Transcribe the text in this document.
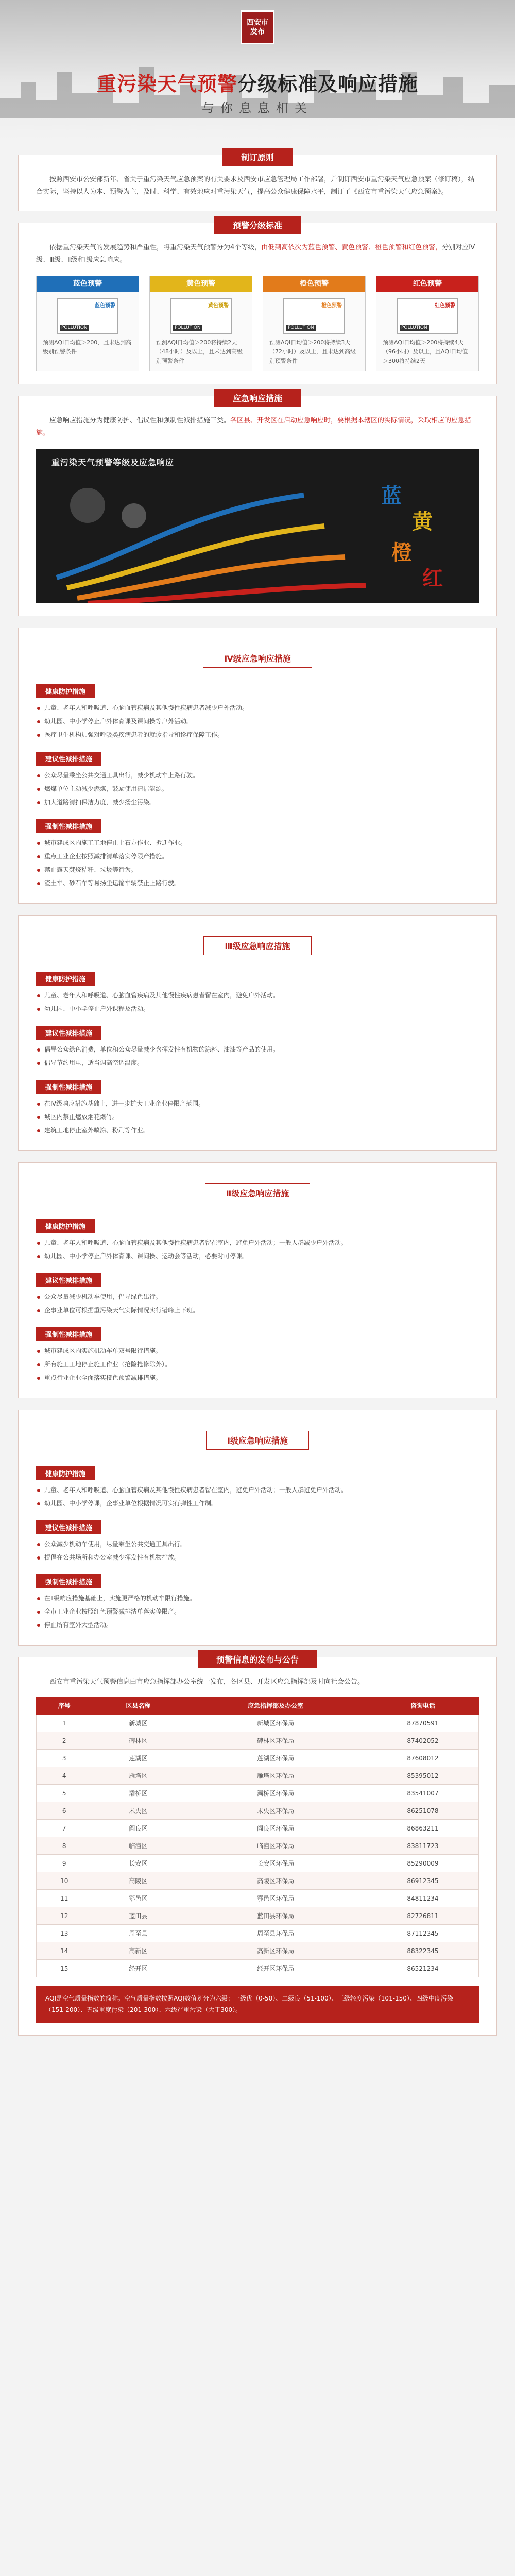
西安市
发布
重污染天气预警分级标准及响应措施
与你息息相关
制订原则

按照西安市公安部新年、省关于重污染天气应急预案的有关要求及西安市应急管理局工作部署，并制订西安市重污染天气应急预案（修订稿），结合实际，坚持以人为本、预警为主，及时、科学、有效地应对重污染天气，提高公众健康保障水平，制订了《西安市重污染天气应急预案》。

预警分级标准

依据重污染天气的发展趋势和严重性，将重污染天气预警分为4个等级，由低到高依次为蓝色预警、黄色预警、橙色预警和红色预警，分别对应Ⅳ级、Ⅲ级、Ⅱ级和Ⅰ级应急响应。

蓝色预警
蓝色预警
POLLUTION
预测AQI日均值＞200，且未达到高级别预警条件
黄色预警
黄色预警
POLLUTION
预测AQI日均值＞200将持续2天（48小时）及以上，且未达到高级别预警条件
橙色预警
橙色预警
POLLUTION
预测AQI日均值＞200将持续3天（72小时）及以上，且未达到高级别预警条件
红色预警
红色预警
POLLUTION
预测AQI日均值＞200将持续4天（96小时）及以上，且AQI日均值＞300将持续2天
应急响应措施

应急响应措施分为健康防护、倡议性和强制性减排措施三类。各区县、开发区在启动应急响应时，要根据本辖区的实际情况，采取相应的应急措施。

重污染天气预警等级及应急响应
蓝
黄
橙
红
Ⅳ级应急响应措施
健康防护措施
儿童、老年人和呼吸道、心脑血管疾病及其他慢性疾病患者减少户外活动。
幼儿园、中小学停止户外体育课及课间操等户外活动。
医疗卫生机构加强对呼吸类疾病患者的就诊指导和诊疗保障工作。
建议性减排措施
公众尽量乘坐公共交通工具出行，减少机动车上路行驶。
燃煤单位主动减少燃煤，鼓励使用清洁能源。
加大道路清扫保洁力度，减少扬尘污染。
强制性减排措施
城市建成区内施工工地停止土石方作业、拆迁作业。
重点工业企业按照减排清单落实停限产措施。
禁止露天焚烧秸秆、垃圾等行为。
渣土车、砂石车等易扬尘运输车辆禁止上路行驶。
Ⅲ级应急响应措施
健康防护措施
儿童、老年人和呼吸道、心脑血管疾病及其他慢性疾病患者留在室内，避免户外活动。
幼儿园、中小学停止户外课程及活动。
建议性减排措施
倡导公众绿色消费，单位和公众尽量减少含挥发性有机物的涂料、油漆等产品的使用。
倡导节约用电，适当调高空调温度。
强制性减排措施
在Ⅳ级响应措施基础上，进一步扩大工业企业停限产范围。
城区内禁止燃放烟花爆竹。
建筑工地停止室外喷涂、粉刷等作业。
Ⅱ级应急响应措施
健康防护措施
儿童、老年人和呼吸道、心脑血管疾病及其他慢性疾病患者留在室内，避免户外活动；一般人群减少户外活动。
幼儿园、中小学停止户外体育课、课间操、运动会等活动，必要时可停课。
建议性减排措施
公众尽量减少机动车使用，倡导绿色出行。
企事业单位可根据重污染天气实际情况实行错峰上下班。
强制性减排措施
城市建成区内实施机动车单双号限行措施。
所有施工工地停止施工作业（抢险抢修除外）。
重点行业企业全面落实橙色预警减排措施。
Ⅰ级应急响应措施
健康防护措施
儿童、老年人和呼吸道、心脑血管疾病及其他慢性疾病患者留在室内，避免户外活动；一般人群避免户外活动。
幼儿园、中小学停课，企事业单位根据情况可实行弹性工作制。
建议性减排措施
公众减少机动车使用，尽量乘坐公共交通工具出行。
提倡在公共场所和办公室减少挥发性有机物排放。
强制性减排措施
在Ⅱ级响应措施基础上，实施更严格的机动车限行措施。
全市工业企业按照红色预警减排清单落实停限产。
停止所有室外大型活动。
预警信息的发布与公告

西安市重污染天气预警信息由市应急指挥部办公室统一发布，各区县、开发区应急指挥部及时向社会公告。

序号	区县名称	应急指挥部及办公室	咨询电话
1	新城区	新城区环保局	87870591
2	碑林区	碑林区环保局	87402052
3	莲湖区	莲湖区环保局	87608012
4	雁塔区	雁塔区环保局	85395012
5	灞桥区	灞桥区环保局	83541007
6	未央区	未央区环保局	86251078
7	阎良区	阎良区环保局	86863211
8	临潼区	临潼区环保局	83811723
9	长安区	长安区环保局	85290009
10	高陵区	高陵区环保局	86912345
11	鄠邑区	鄠邑区环保局	84811234
12	蓝田县	蓝田县环保局	82726811
13	周至县	周至县环保局	87112345
14	高新区	高新区环保局	88322345
15	经开区	经开区环保局	86521234
AQI是空气质量指数的简称。空气质量指数按照AQI数值划分为六级：一级优（0-50）、二级良（51-100）、三级轻度污染（101-150）、四级中度污染（151-200）、五级重度污染（201-300）、六级严重污染（大于300）。
